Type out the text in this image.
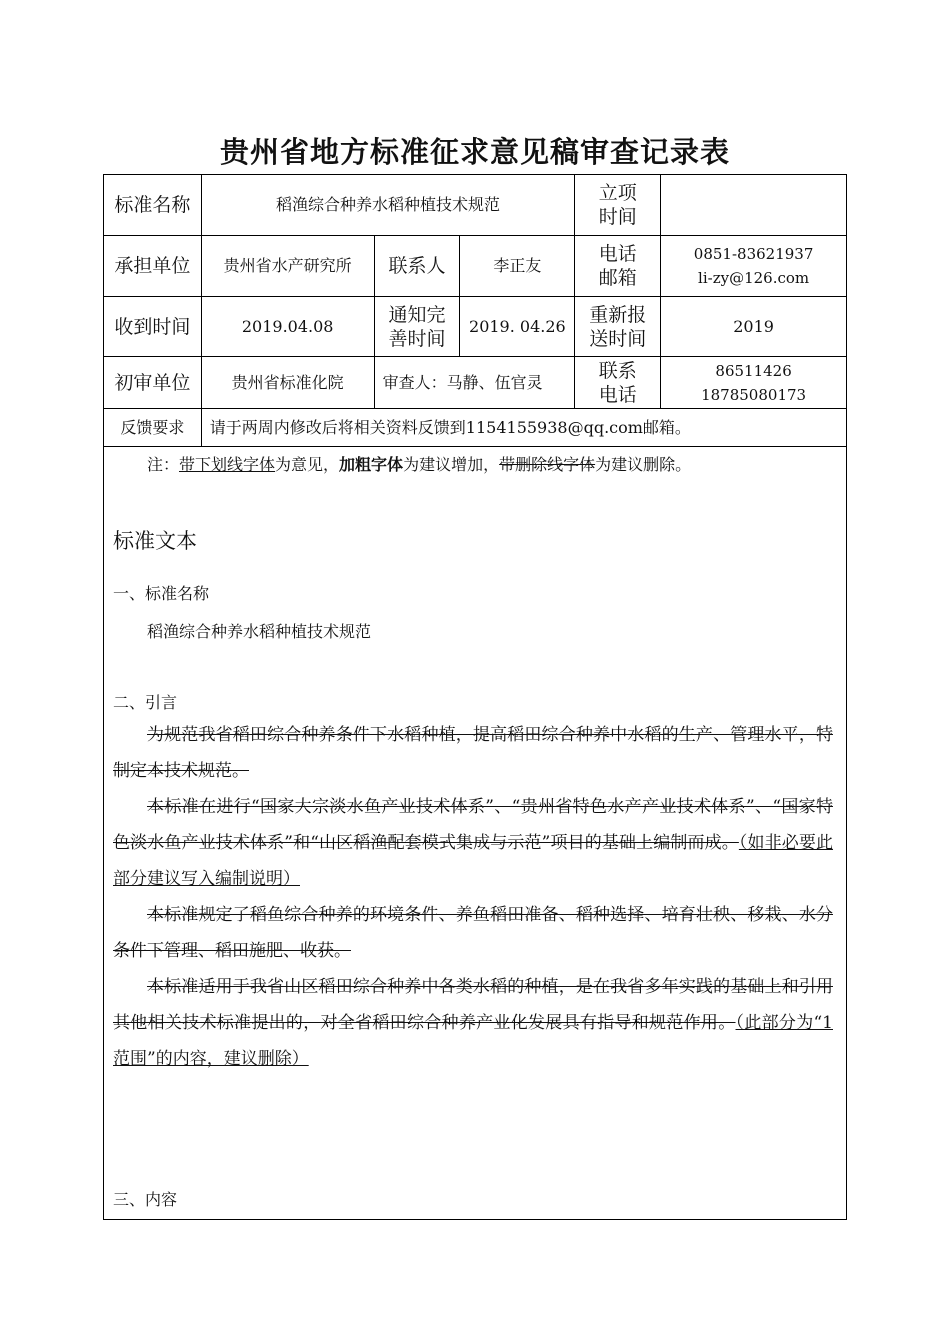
贵州省地方标准征求意见稿审查记录表
标准名称	稻渔综合种养水稻种植技术规范			立项时间	
承担单位	贵州省水产研究所	联系人	李正友	电话邮箱	0851-83621937
li-zy@126.com

收到时间	2019.04.08	通知完善时间	2019. 04.26	重新报送时间	2019
初审单位	贵州省标准化院	审查人：马静、伍官灵		联系电话	86511426
18785080173

反馈要求	请于两周内修改后将相关资料反馈到1154155938@qq.com邮箱。				
注：带下划线字体为意见，加粗字体为建议增加，带删除线字体为建议删除。
标准文本
一、标准名称

稻渔综合种养水稻种植技术规范

二、引言

为规范我省稻田综合种养条件下水稻种植，提高稻田综合种养中水稻的生产、管理水平，特制定本技术规范。

本标准在进行“国家大宗淡水鱼产业技术体系”、“贵州省特色水产产业技术体系”、“国家特色淡水鱼产业技术体系”和“山区稻渔配套模式集成与示范”项目的基础上编制而成。（如非必要此部分建议写入编制说明）

本标准规定了稻鱼综合种养的环境条件、养鱼稻田准备、稻种选择、培育壮秧、移栽、水分条件下管理、稻田施肥、收获。

本标准适用于我省山区稻田综合种养中各类水稻的种植，是在我省多年实践的基础上和引用其他相关技术标准提出的，对全省稻田综合种养产业化发展具有指导和规范作用。（此部分为“1 范围”的内容，建议删除）

三、内容
